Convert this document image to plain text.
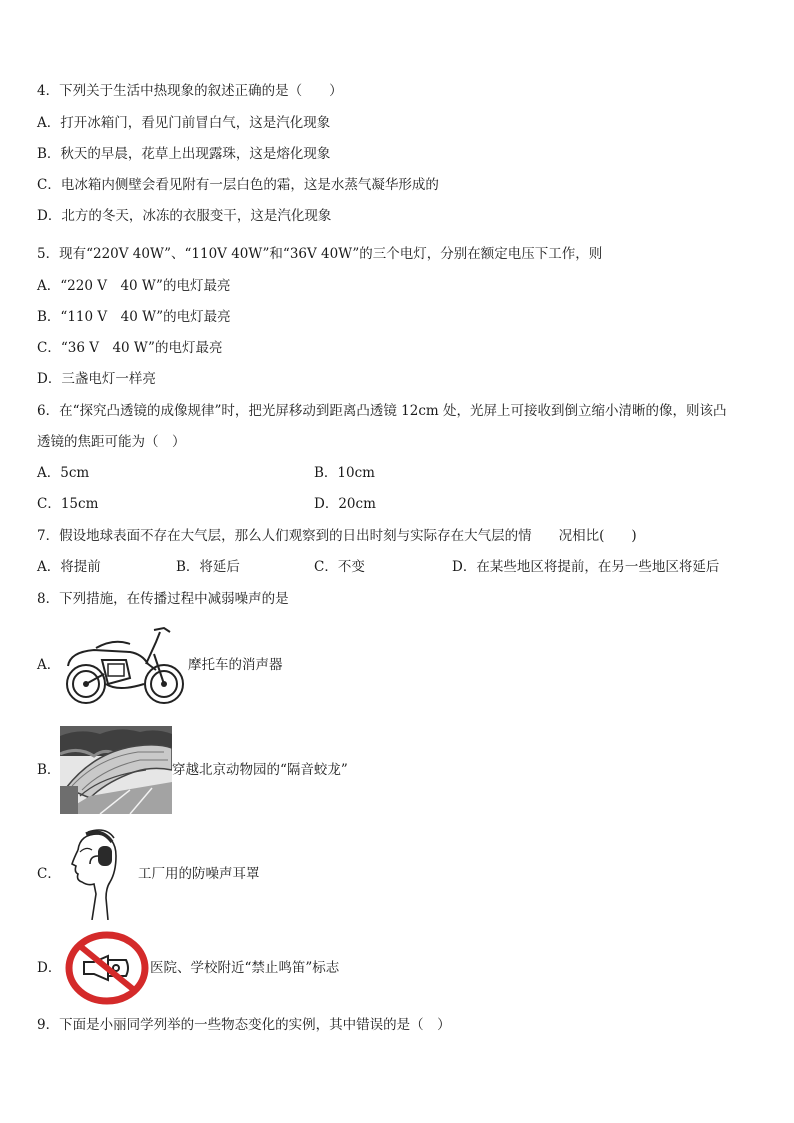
4．下列关于生活中热现象的叙述正确的是（　　）
A．打开冰箱门，看见门前冒白气，这是汽化现象
B．秋天的早晨，花草上出现露珠，这是熔化现象
C．电冰箱内侧壁会看见附有一层白色的霜，这是水蒸气凝华形成的
D．北方的冬天，冰冻的衣服变干，这是汽化现象
5．现有“220V 40W”、“110V 40W”和“36V 40W”的三个电灯，分别在额定电压下工作，则
A．“220 V　40 W”的电灯最亮
B．“110 V　40 W”的电灯最亮
C．“36 V　40 W”的电灯最亮
D．三盏电灯一样亮
6．在“探究凸透镜的成像规律”时，把光屏移动到距离凸透镜 12cm 处，光屏上可接收到倒立缩小清晰的像，则该凸
透镜的焦距可能为（　）
A．5cm	B．10cm
C．15cm	D．20cm
7．假设地球表面不存在大气层，那么人们观察到的日出时刻与实际存在大气层的情　　况相比(　　)
A．将提前	B．将延后	C．不变	D．在某些地区将提前，在另一些地区将延后
8．下列措施，在传播过程中减弱噪声的是
A．	摩托车的消声器
B．	穿越北京动物园的“隔音蛟龙”
C．	工厂用的防噪声耳罩
D．	医院、学校附近“禁止鸣笛”标志
9．下面是小丽同学列举的一些物态变化的实例，其中错误的是（　）
